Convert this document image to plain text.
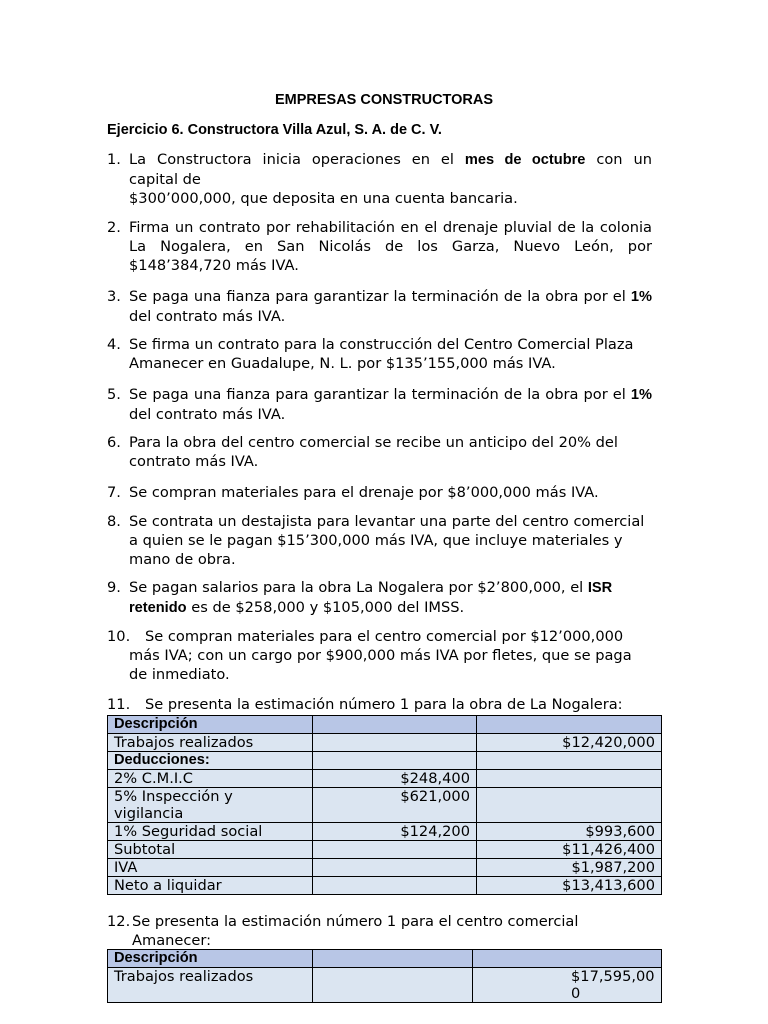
EMPRESAS CONSTRUCTORAS
Ejercicio 6. Constructora Villa Azul, S. A. de C. V.
1. La Constructora inicia operaciones en el mes de octubre con un
capital de
$300’000,000, que deposita en una cuenta bancaria.
2. Firma un contrato por rehabilitación en el drenaje pluvial de la colonia La Nogalera, en San Nicolás de los Garza, Nuevo León, por $148’384,720 más IVA.
3. Se paga una fianza para garantizar la terminación de la obra por el 1% del contrato más IVA.
4. Se firma un contrato para la construcción del Centro Comercial Plaza Amanecer en Guadalupe, N. L. por $135’155,000 más IVA.
5. Se paga una fianza para garantizar la terminación de la obra por el 1% del contrato más IVA.
6. Para la obra del centro comercial se recibe un anticipo del 20% del contrato más IVA.
7. Se compran materiales para el drenaje por $8’000,000 más IVA.
8. Se contrata un destajista para levantar una parte del centro comercial a quien se le pagan $15’300,000 más IVA, que incluye materiales y mano de obra.
9. Se pagan salarios para la obra La Nogalera por $2’800,000, el ISR retenido es de $258,000 y $105,000 del IMSS.
10.	Se compran materiales para el centro comercial por $12’000,000 más IVA; con un cargo por $900,000 más IVA por fletes, que se paga de inmediato.
11.	Se presenta la estimación número 1 para la obra de La Nogalera:
Descripción		
Trabajos realizados		$12,420,000
Deducciones:		
2% C.M.I.C	$248,400	
5% Inspección y vigilancia	$621,000	
1% Seguridad social	$124,200	$993,600
Subtotal		$11,426,400
IVA		$1,987,200
Neto a liquidar		$13,413,600
12. Se presenta la estimación número 1 para el centro comercial Amanecer:
Descripción		
Trabajos realizados		$17,595,000
